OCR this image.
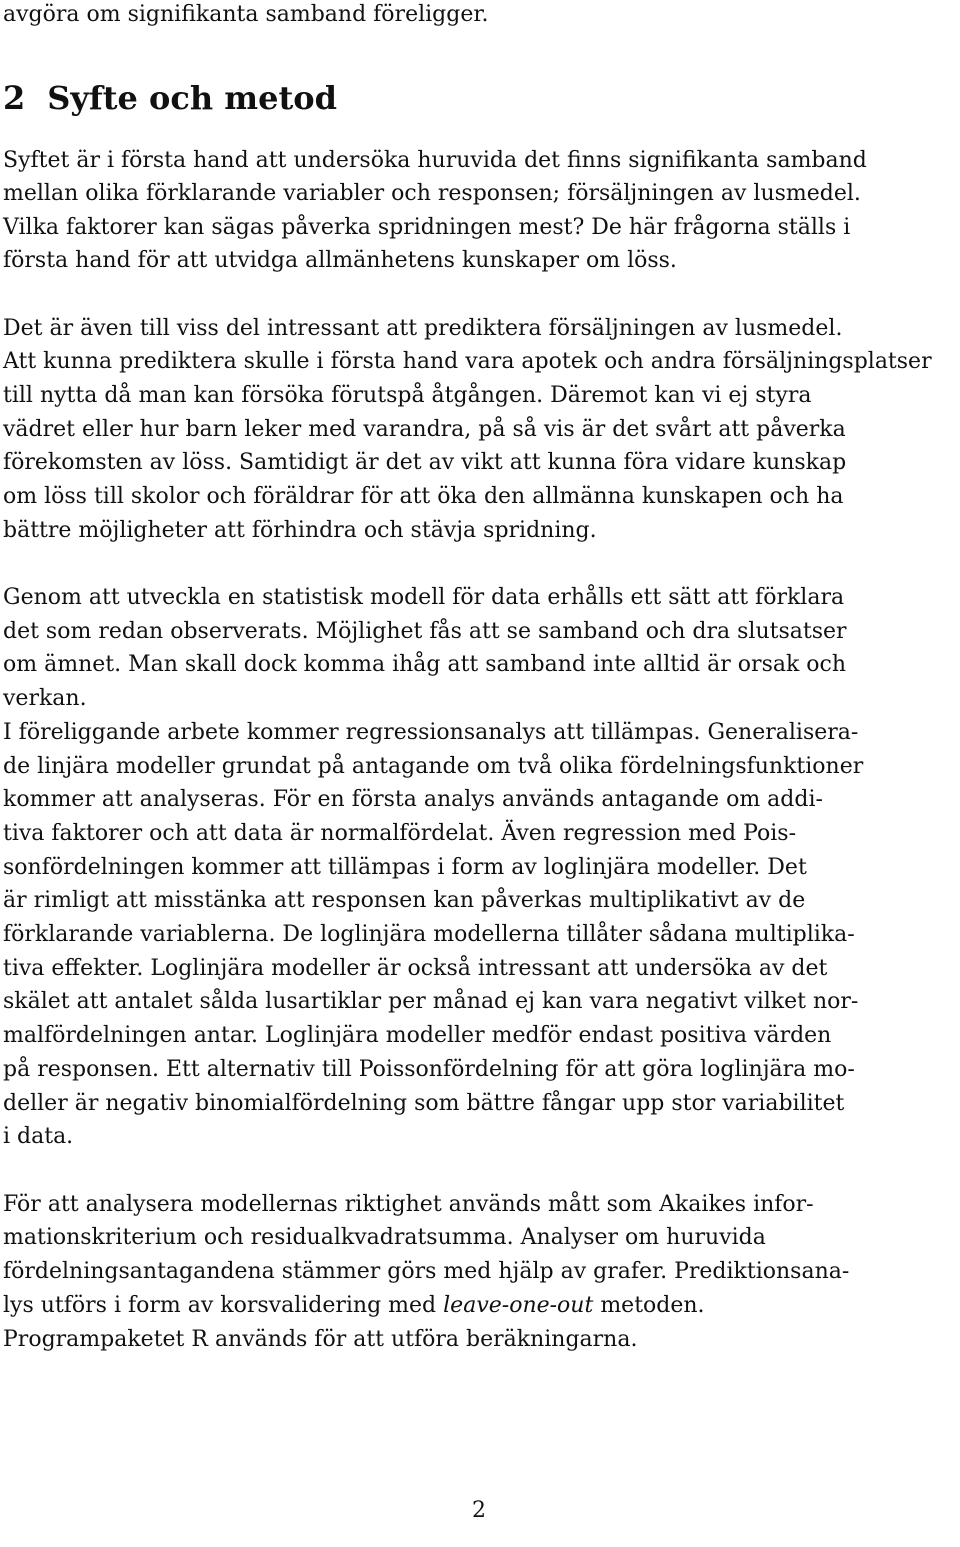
avgöra om signifikanta samband föreligger.
2 Syfte och metod
Syftet är i första hand att undersöka huruvida det finns signifikanta samband
mellan olika förklarande variabler och responsen; försäljningen av lusmedel.
Vilka faktorer kan sägas påverka spridningen mest? De här frågorna ställs i
första hand för att utvidga allmänhetens kunskaper om löss.
Det är även till viss del intressant att prediktera försäljningen av lusmedel.
Att kunna prediktera skulle i första hand vara apotek och andra försäljningsplatser
till nytta då man kan försöka förutspå åtgången. Däremot kan vi ej styra
vädret eller hur barn leker med varandra, på så vis är det svårt att påverka
förekomsten av löss. Samtidigt är det av vikt att kunna föra vidare kunskap
om löss till skolor och föräldrar för att öka den allmänna kunskapen och ha
bättre möjligheter att förhindra och stävja spridning.
Genom att utveckla en statistisk modell för data erhålls ett sätt att förklara
det som redan observerats. Möjlighet fås att se samband och dra slutsatser
om ämnet. Man skall dock komma ihåg att samband inte alltid är orsak och
verkan.
I föreliggande arbete kommer regressionsanalys att tillämpas. Generalisera-
de linjära modeller grundat på antagande om två olika fördelningsfunktioner
kommer att analyseras. För en första analys används antagande om addi-
tiva faktorer och att data är normalfördelat. Även regression med Pois-
sonfördelningen kommer att tillämpas i form av loglinjära modeller. Det
är rimligt att misstänka att responsen kan påverkas multiplikativt av de
förklarande variablerna. De loglinjära modellerna tillåter sådana multiplika-
tiva effekter. Loglinjära modeller är också intressant att undersöka av det
skälet att antalet sålda lusartiklar per månad ej kan vara negativt vilket nor-
malfördelningen antar. Loglinjära modeller medför endast positiva värden
på responsen. Ett alternativ till Poissonfördelning för att göra loglinjära mo-
deller är negativ binomialfördelning som bättre fångar upp stor variabilitet
i data.
För att analysera modellernas riktighet används mått som Akaikes infor-
mationskriterium och residualkvadratsumma. Analyser om huruvida
fördelningsantagandena stämmer görs med hjälp av grafer. Prediktionsana-
lys utförs i form av korsvalidering med leave-one-out metoden.
Programpaketet R används för att utföra beräkningarna.
2
